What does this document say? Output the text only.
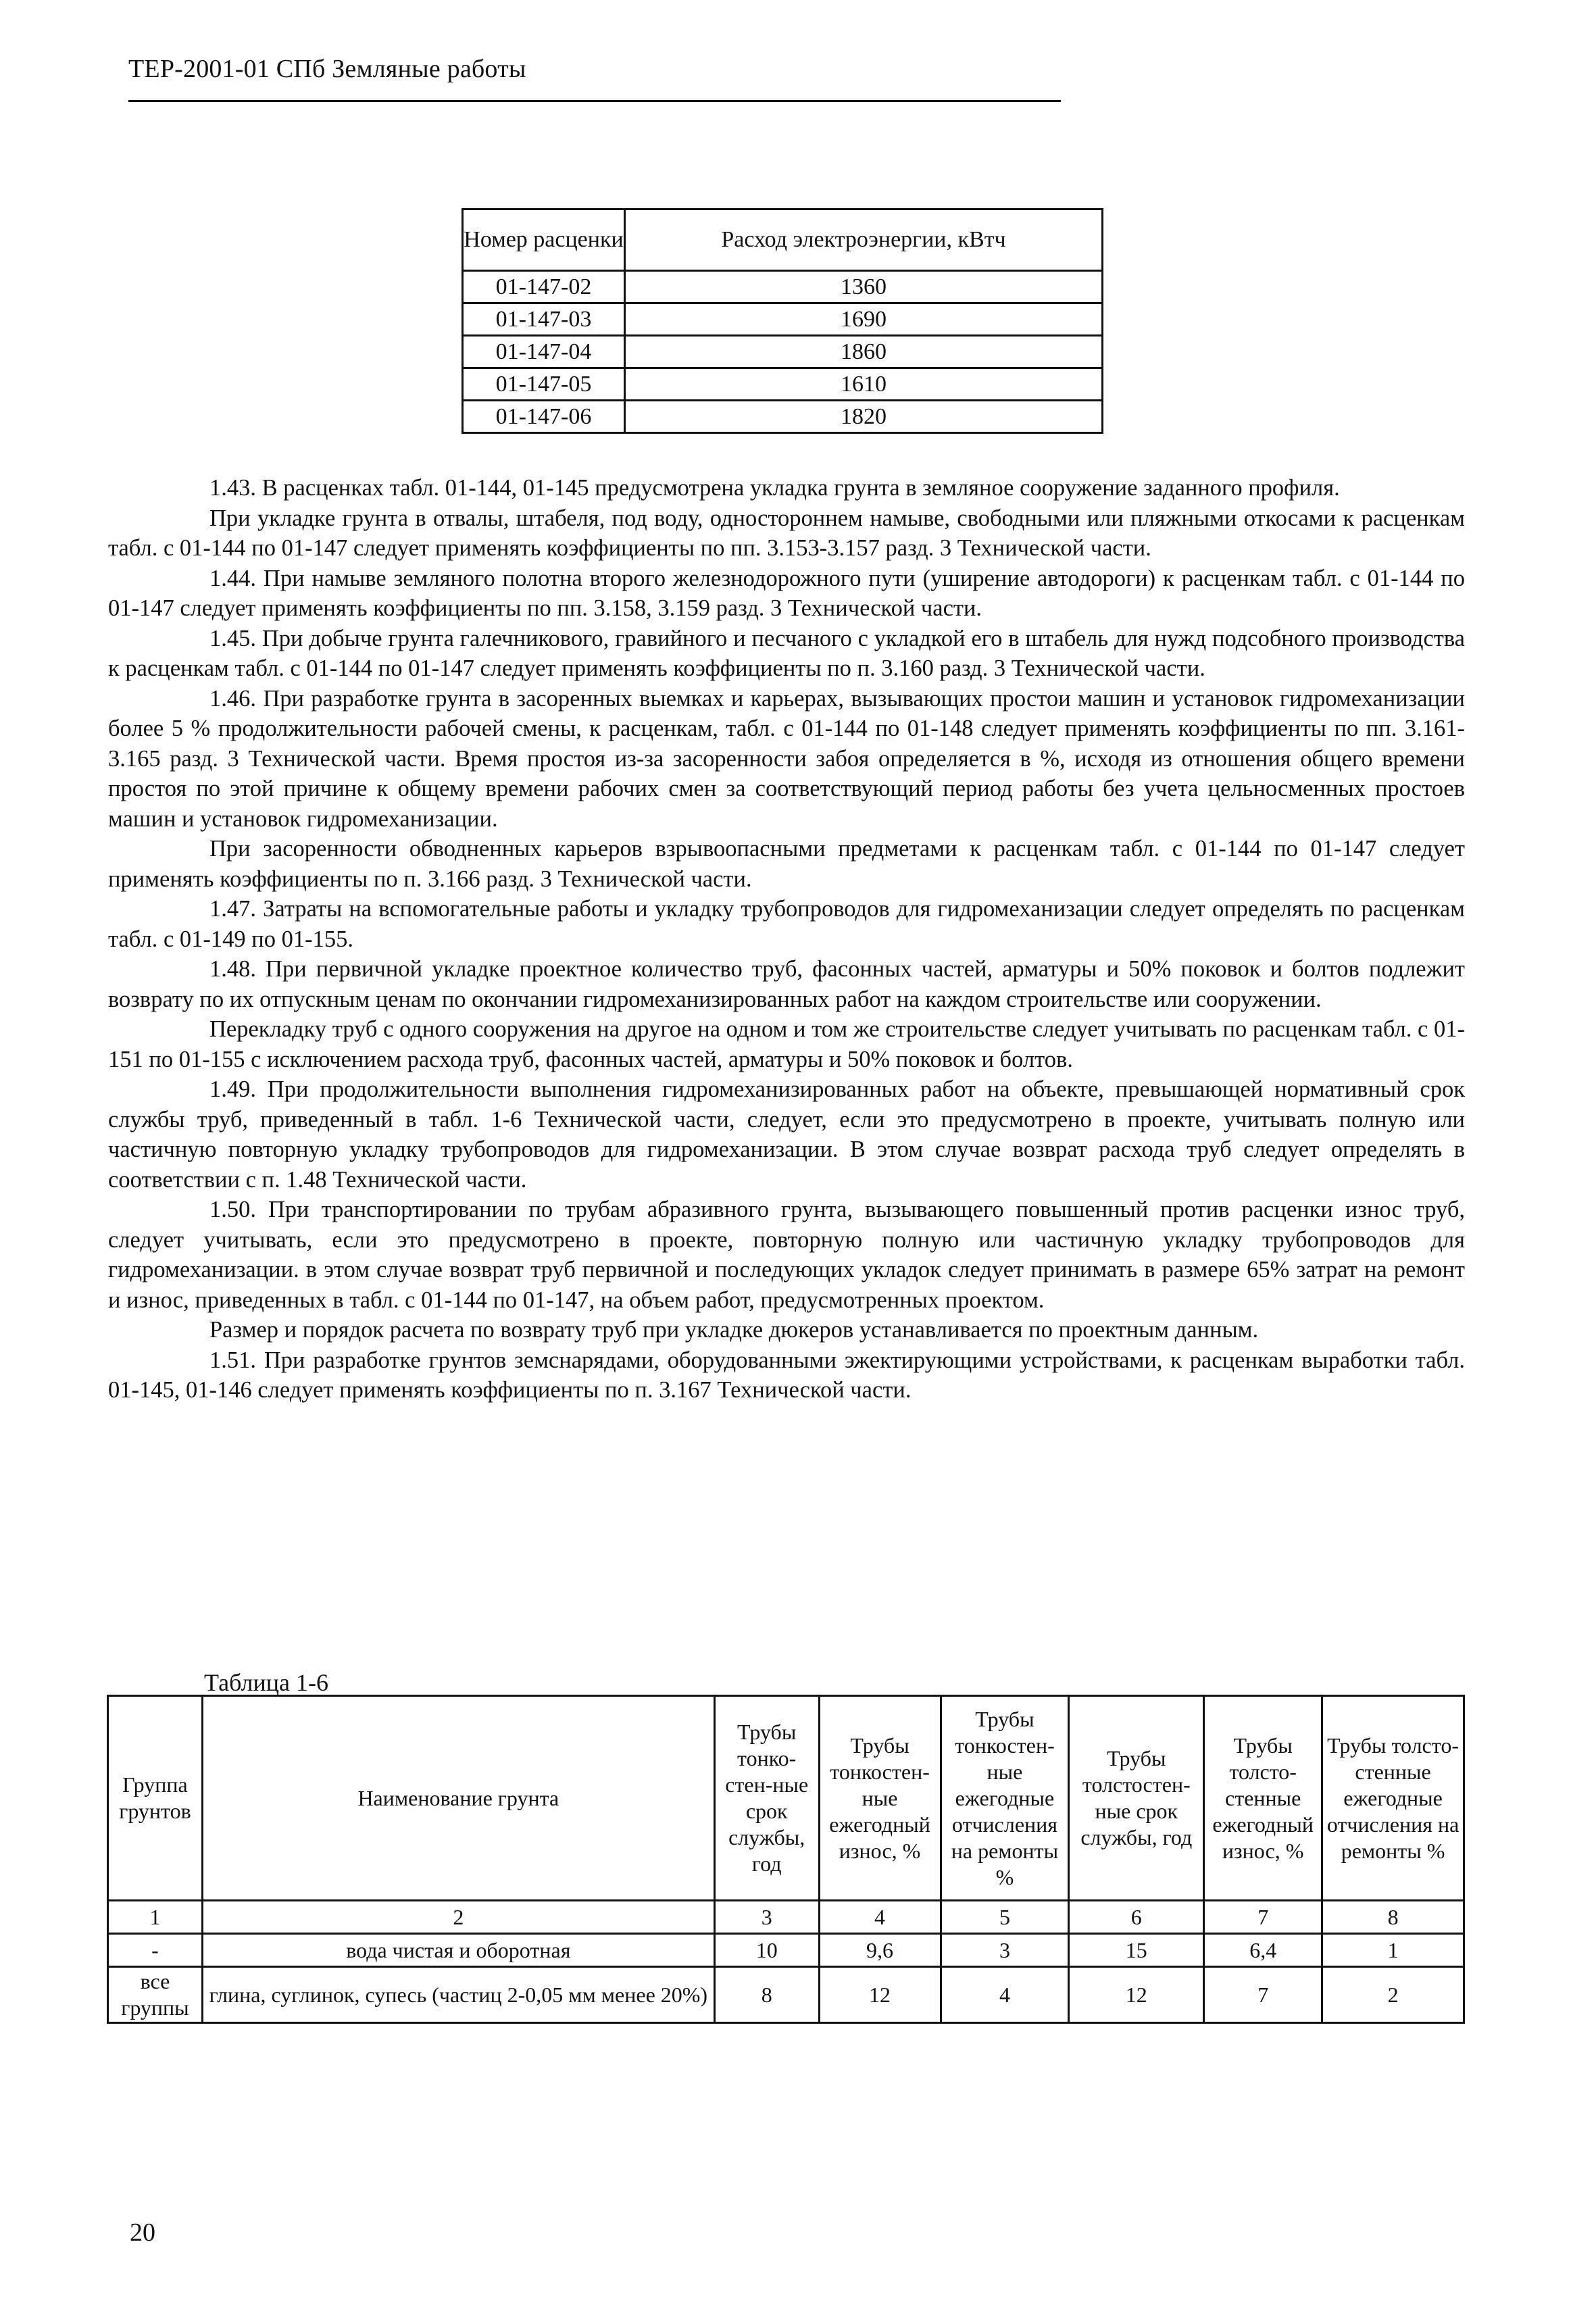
ТЕР-2001-01 СПб Земляные работы
Номер расценки	Расход электроэнергии, кВтч
01-147-02	1360
01-147-03	1690
01-147-04	1860
01-147-05	1610
01-147-06	1820

1.43. В расценках табл. 01-144, 01-145 предусмотрена укладка грунта в земляное сооружение заданного профиля.

При укладке грунта в отвалы, штабеля, под воду, одностороннем намыве, свободными или пляжными откосами к расценкам табл. с 01-144 по 01-147 следует применять коэффициенты по пп. 3.153-3.157 разд. 3 Технической части.

1.44. При намыве земляного полотна второго железнодорожного пути (уширение автодороги) к расценкам табл. с 01-144 по 01-147 следует применять коэффициенты по пп. 3.158, 3.159 разд. 3 Технической части.

1.45. При добыче грунта галечникового, гравийного и песчаного с укладкой его в штабель для нужд подсобного производства к расценкам табл. с 01-144 по 01-147 следует применять коэффициенты по п. 3.160 разд. 3 Технической части.

1.46. При разработке грунта в засоренных выемках и карьерах, вызывающих простои машин и установок гидромеханизации более 5 % продолжительности рабочей смены, к расценкам, табл. с 01-144 по 01-148 следует применять коэффициенты по пп. 3.161-3.165 разд. 3 Технической части. Время простоя из-за засоренности забоя определяется в %, исходя из отношения общего времени простоя по этой причине к общему времени рабочих смен за соответствующий период работы без учета цельносменных простоев машин и установок гидромеханизации.

При засоренности обводненных карьеров взрывоопасными предметами к расценкам табл. с 01-144 по 01-147 следует применять коэффициенты по п. 3.166 разд. 3 Технической части.

1.47. Затраты на вспомогательные работы и укладку трубопроводов для гидромеханизации следует определять по расценкам табл. с 01-149 по 01-155.

1.48. При первичной укладке проектное количество труб, фасонных частей, арматуры и 50% поковок и болтов подлежит возврату по их отпускным ценам по окончании гидромеханизированных работ на каждом строительстве или сооружении.

Перекладку труб с одного сооружения на другое на одном и том же строительстве следует учитывать по расценкам табл. с 01-151 по 01-155 с исключением расхода труб, фасонных частей, арматуры и 50% поковок и болтов.

1.49. При продолжительности выполнения гидромеханизированных работ на объекте, превышающей нормативный срок службы труб, приведенный в табл. 1-6 Технической части, следует, если это предусмотрено в проекте, учитывать полную или частичную повторную укладку трубопроводов для гидромеханизации. В этом случае возврат расхода труб следует определять в соответствии с п. 1.48 Технической части.

1.50. При транспортировании по трубам абразивного грунта, вызывающего повышенный против расценки износ труб, следует учитывать, если это предусмотрено в проекте, повторную полную или частичную укладку трубопроводов для гидромеханизации. в этом случае возврат труб первичной и последующих укладок следует принимать в размере 65% затрат на ремонт и износ, приведенных в табл. с 01-144 по 01-147, на объем работ, предусмотренных проектом.

Размер и порядок расчета по возврату труб при укладке дюкеров устанавливается по проектным данным.

1.51. При разработке грунтов земснарядами, оборудованными эжектирующими устройствами, к расценкам выработки табл. 01-145, 01-146 следует применять коэффициенты по п. 3.167 Технической части.

Таблица 1-6
Группа грунтов	Наименование грунта	Трубы тонко-стен-ные срок службы, год	Трубы тонкостен-ные ежегодный износ, %	Трубы тонкостен-ные ежегодные отчисления на ремонты %	Трубы толстостен-ные срок службы, год	Трубы толсто-стенные ежегодный износ, %	Трубы толсто-стенные ежегодные отчисления на ремонты %
1	2	3	4	5	6	7	8
-	вода чистая и оборотная	10	9,6	3	15	6,4	1
все группы	глина, суглинок, супесь (частиц 2-0,05 мм менее 20%)	8	12	4	12	7	2
20
